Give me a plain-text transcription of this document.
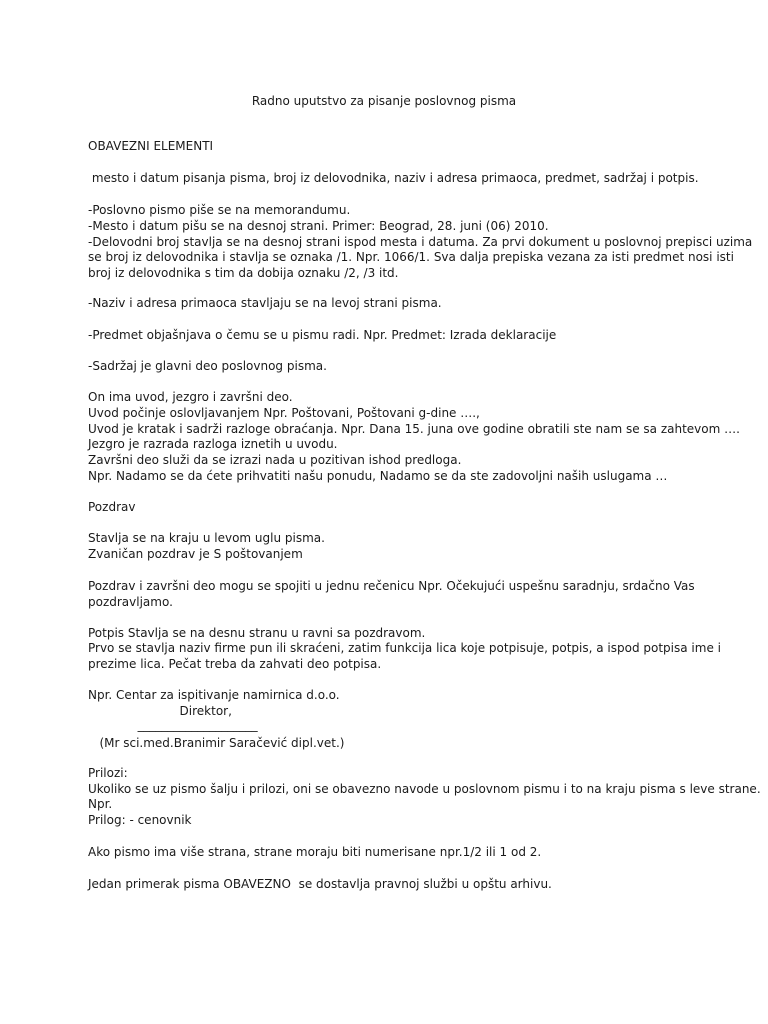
Radno uputstvo za pisanje poslovnog pisma
OBAVEZNI ELEMENTI
mesto i datum pisanja pisma, broj iz delovodnika, naziv i adresa primaoca, predmet, sadržaj i potpis.
-Poslovno pismo piše se na memorandumu.
-Mesto i datum pišu se na desnoj strani. Primer: Beograd, 28. juni (06) 2010.
-Delovodni broj stavlja se na desnoj strani ispod mesta i datuma. Za prvi dokument u poslovnoj prepisci uzima
se broj iz delovodnika i stavlja se oznaka /1. Npr. 1066/1. Sva dalja prepiska vezana za isti predmet nosi isti
broj iz delovodnika s tim da dobija oznaku /2, /3 itd.
-Naziv i adresa primaoca stavljaju se na levoj strani pisma.
-Predmet objašnjava o čemu se u pismu radi. Npr. Predmet: Izrada deklaracije
-Sadržaj je glavni deo poslovnog pisma.
On ima uvod, jezgro i završni deo.
Uvod počinje oslovljavanjem Npr. Poštovani, Poštovani g-dine ….,
Uvod je kratak i sadrži razloge obraćanja. Npr. Dana 15. juna ove godine obratili ste nam se sa zahtevom ….
Jezgro je razrada razloga iznetih u uvodu.
Završni deo služi da se izrazi nada u pozitivan ishod predloga.
Npr. Nadamo se da ćete prihvatiti našu ponudu, Nadamo se da ste zadovoljni naših uslugama …
Pozdrav
Stavlja se na kraju u levom uglu pisma.
Zvaničan pozdrav je S poštovanjem
Pozdrav i završni deo mogu se spojiti u jednu rečenicu Npr. Očekujući uspešnu saradnju, srdačno Vas
pozdravljamo.
Potpis Stavlja se na desnu stranu u ravni sa pozdravom.
Prvo se stavlja naziv firme pun ili skraćeni, zatim funkcija lica koje potpisuje, potpis, a ispod potpisa ime i
prezime lica. Pečat treba da zahvati deo potpisa.
Npr. Centar za ispitivanje namirnica d.o.o.
Direktor,
____________________
(Mr sci.med.Branimir Saračević dipl.vet.)
Prilozi:
Ukoliko se uz pismo šalju i prilozi, oni se obavezno navode u poslovnom pismu i to na kraju pisma s leve strane.
Npr.
Prilog: - cenovnik
Ako pismo ima više strana, strane moraju biti numerisane npr.1/2 ili 1 od 2.
Jedan primerak pisma OBAVEZNO  se dostavlja pravnoj službi u opštu arhivu.
